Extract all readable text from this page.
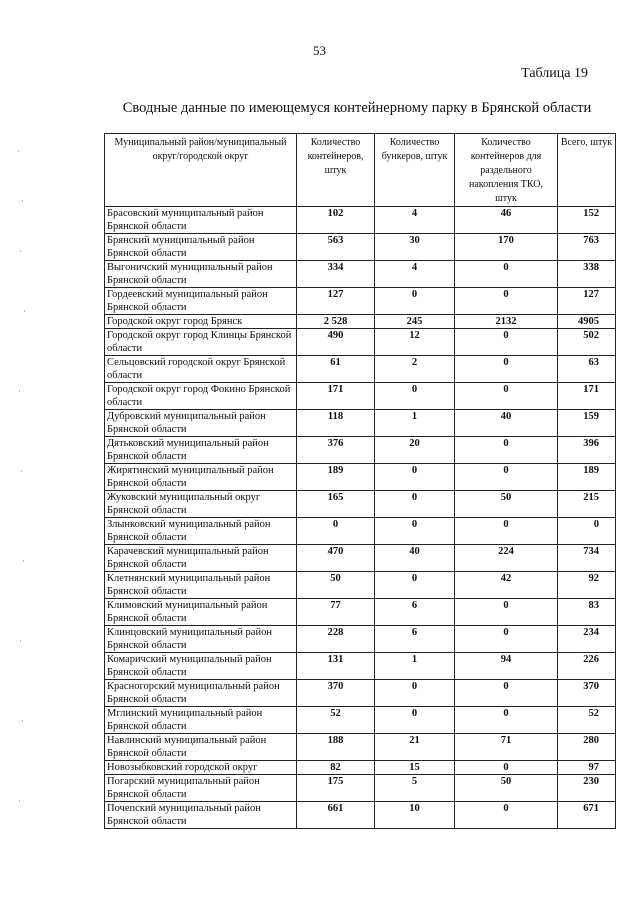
53
Таблица 19
Сводные данные по имеющемуся контейнерному парку в Брянской области
Муниципальный район/муниципальный округ/городской округ	Количество контейнеров, штук	Количество бункеров, штук	Количество контейнеров для раздельного накопления ТКО, штук	Всего, штук
Брасовский муниципальный район Брянской области	102	4	46	152
Брянский муниципальный район Брянской области	563	30	170	763
Выгоничский муниципальный район Брянской области	334	4	0	338
Гордеевский муниципальный район Брянской области	127	0	0	127
Городской округ город Брянск	2 528	245	2132	4905
Городской округ город Клинцы Брянской области	490	12	0	502
Сельцовский городской округ Брянской области	61	2	0	63
Городской округ город Фокино Брянской области	171	0	0	171
Дубровский муниципальный район Брянской области	118	1	40	159
Дятьковский муниципальный район Брянской области	376	20	0	396
Жирятинский муниципальный район Брянской области	189	0	0	189
Жуковский муниципальный округ Брянской области	165	0	50	215
Злынковский муниципальный район Брянской области	0	0	0	0
Карачевский муниципальный район Брянской области	470	40	224	734
Клетнянский муниципальный район Брянской области	50	0	42	92
Климовский муниципальный район Брянской области	77	6	0	83
Клинцовский муниципальный район Брянской области	228	6	0	234
Комаричский муниципальный район Брянской области	131	1	94	226
Красногорский муниципальный район Брянской области	370	0	0	370
Мглинский муниципальный район Брянской области	52	0	0	52
Навлинский муниципальный район Брянской области	188	21	71	280
Новозыбковский городской округ	82	15	0	97
Погарский муниципальный район Брянской области	175	5	50	230
Почепский муниципальный район Брянской области	661	10	0	671
